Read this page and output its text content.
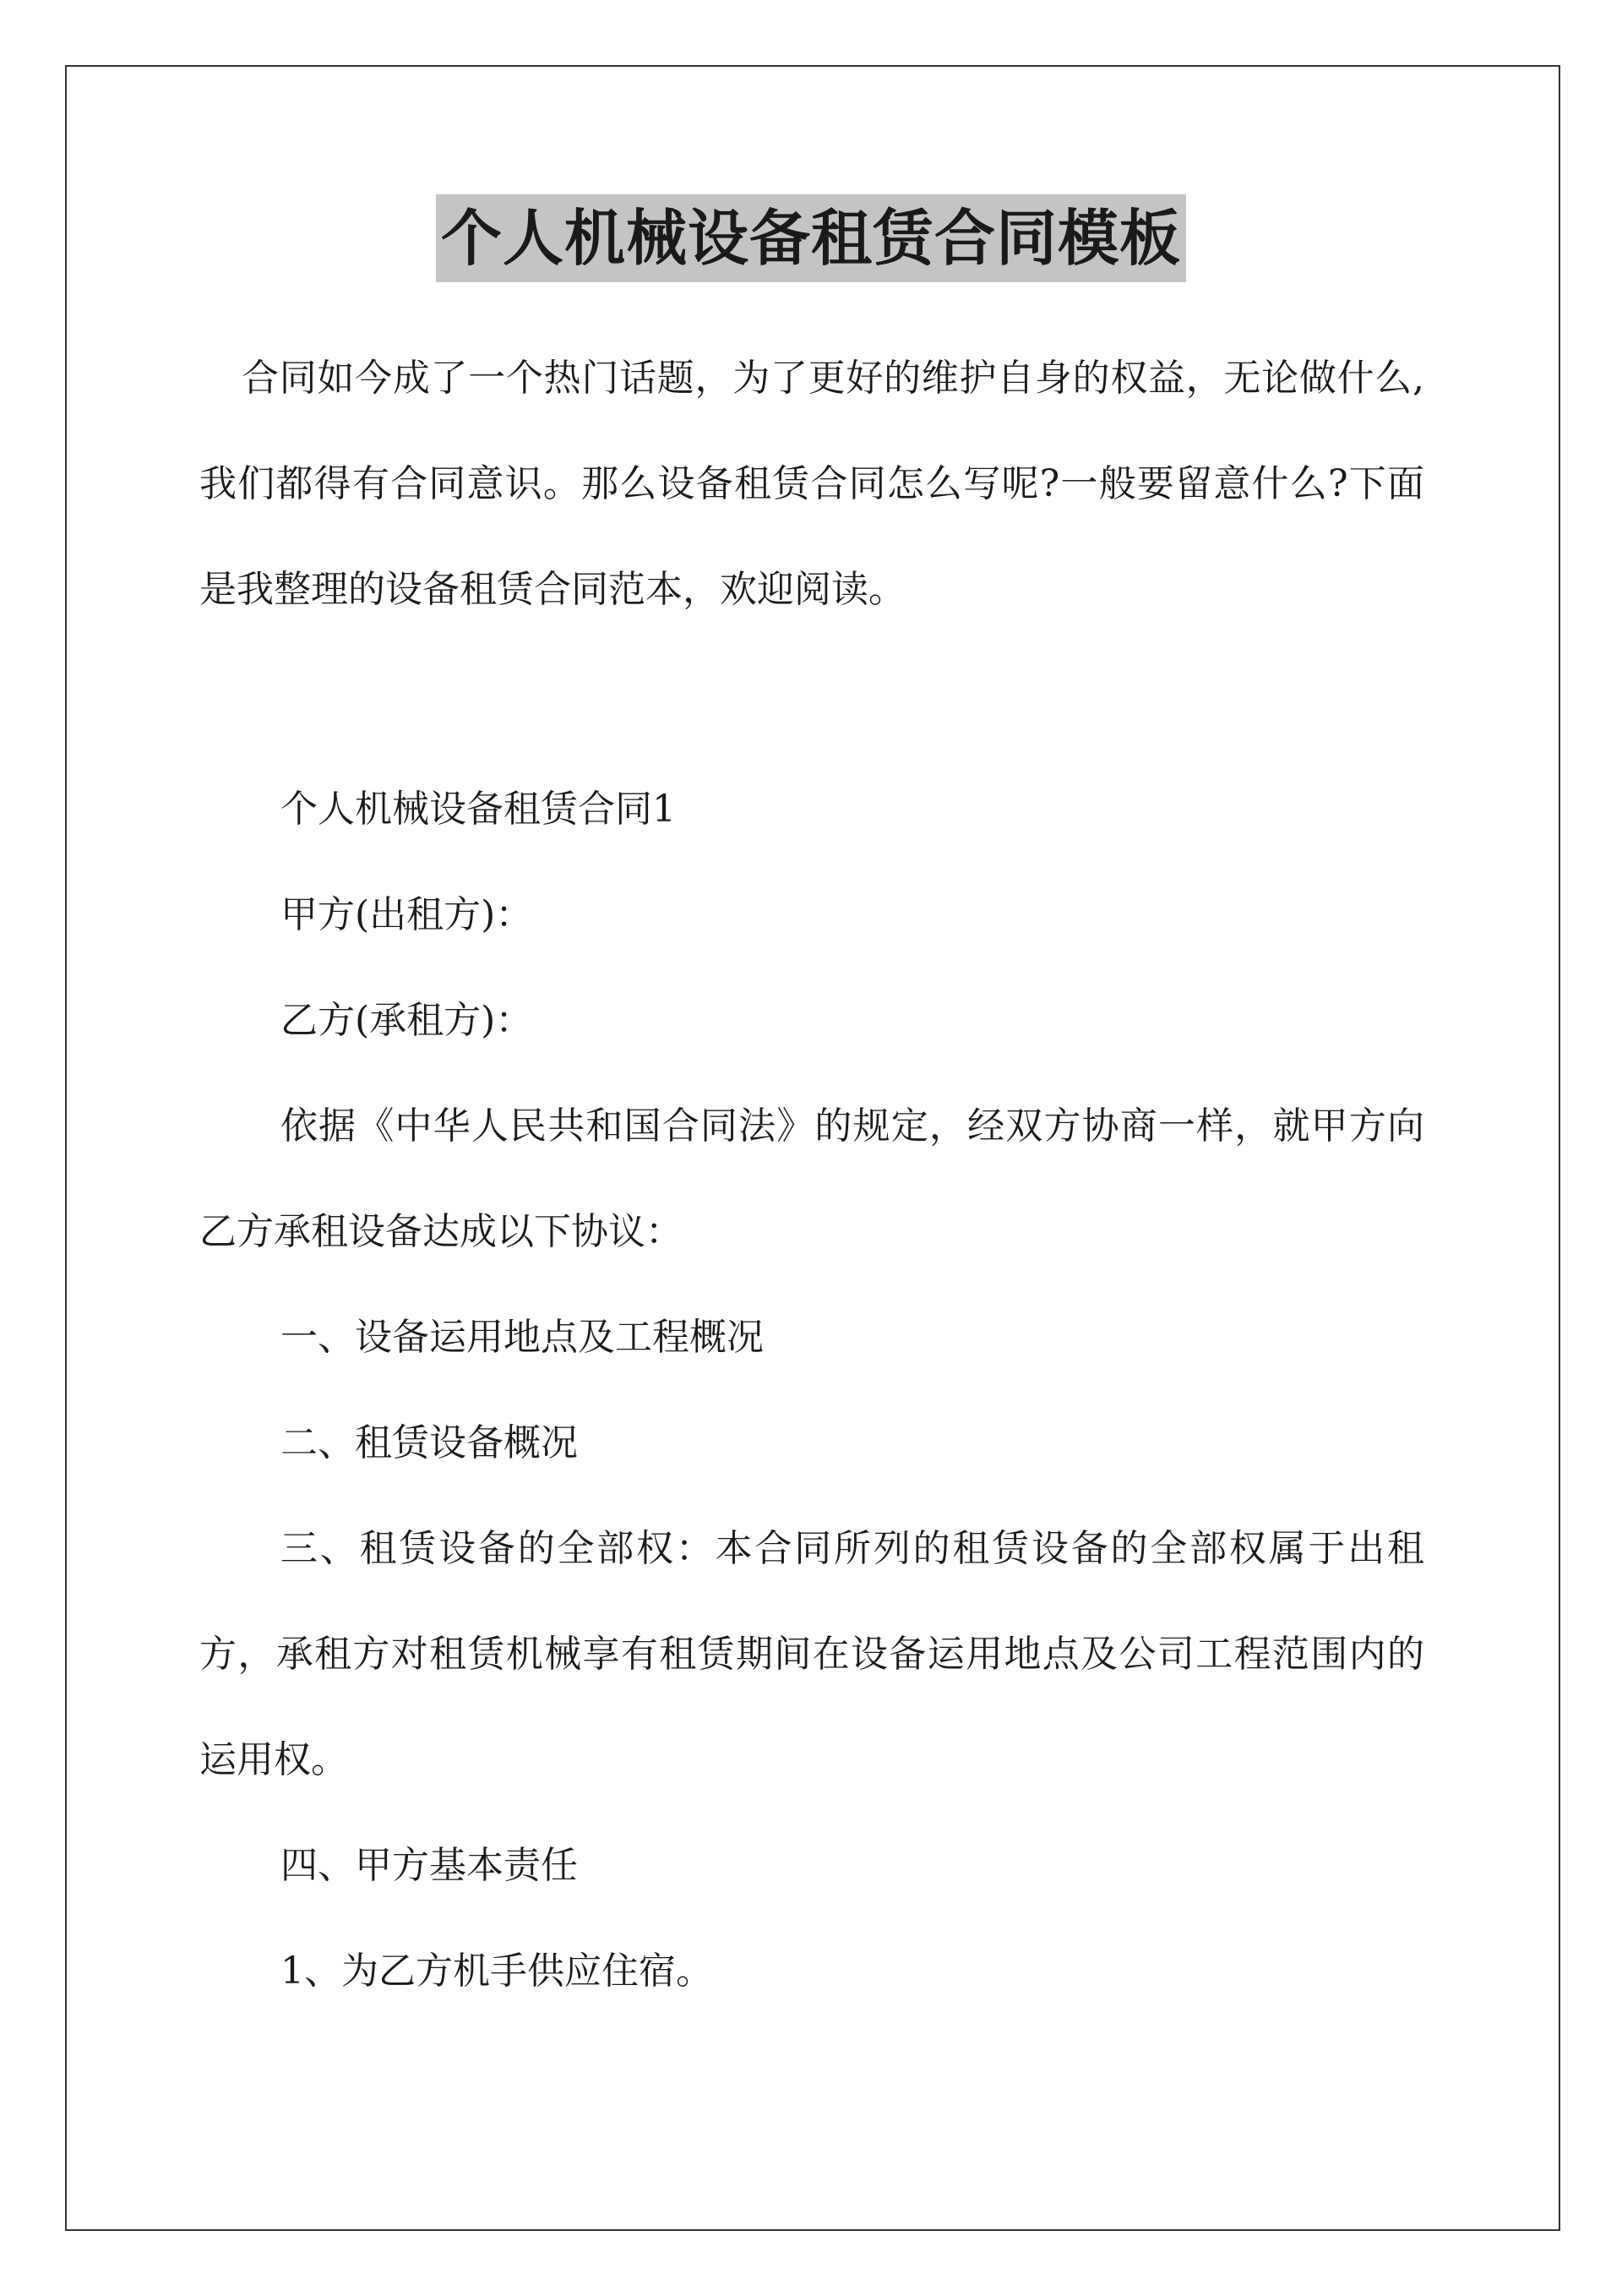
个人机械设备租赁合同模板

合同如今成了一个热门话题，为了更好的维护自身的权益，无论做什么,我们都得有合同意识。那么设备租赁合同怎么写呢?一般要留意什么?下面是我整理的设备租赁合同范本，欢迎阅读。

个人机械设备租赁合同1

甲方(出租方)：

乙方(承租方)：

依据《中华人民共和国合同法》的规定，经双方协商一样，就甲方向乙方承租设备达成以下协议：

一、设备运用地点及工程概况

二、租赁设备概况

三、租赁设备的全部权：本合同所列的租赁设备的全部权属于出租方，承租方对租赁机械享有租赁期间在设备运用地点及公司工程范围内的运用权。

四、甲方基本责任

1、为乙方机手供应住宿。
